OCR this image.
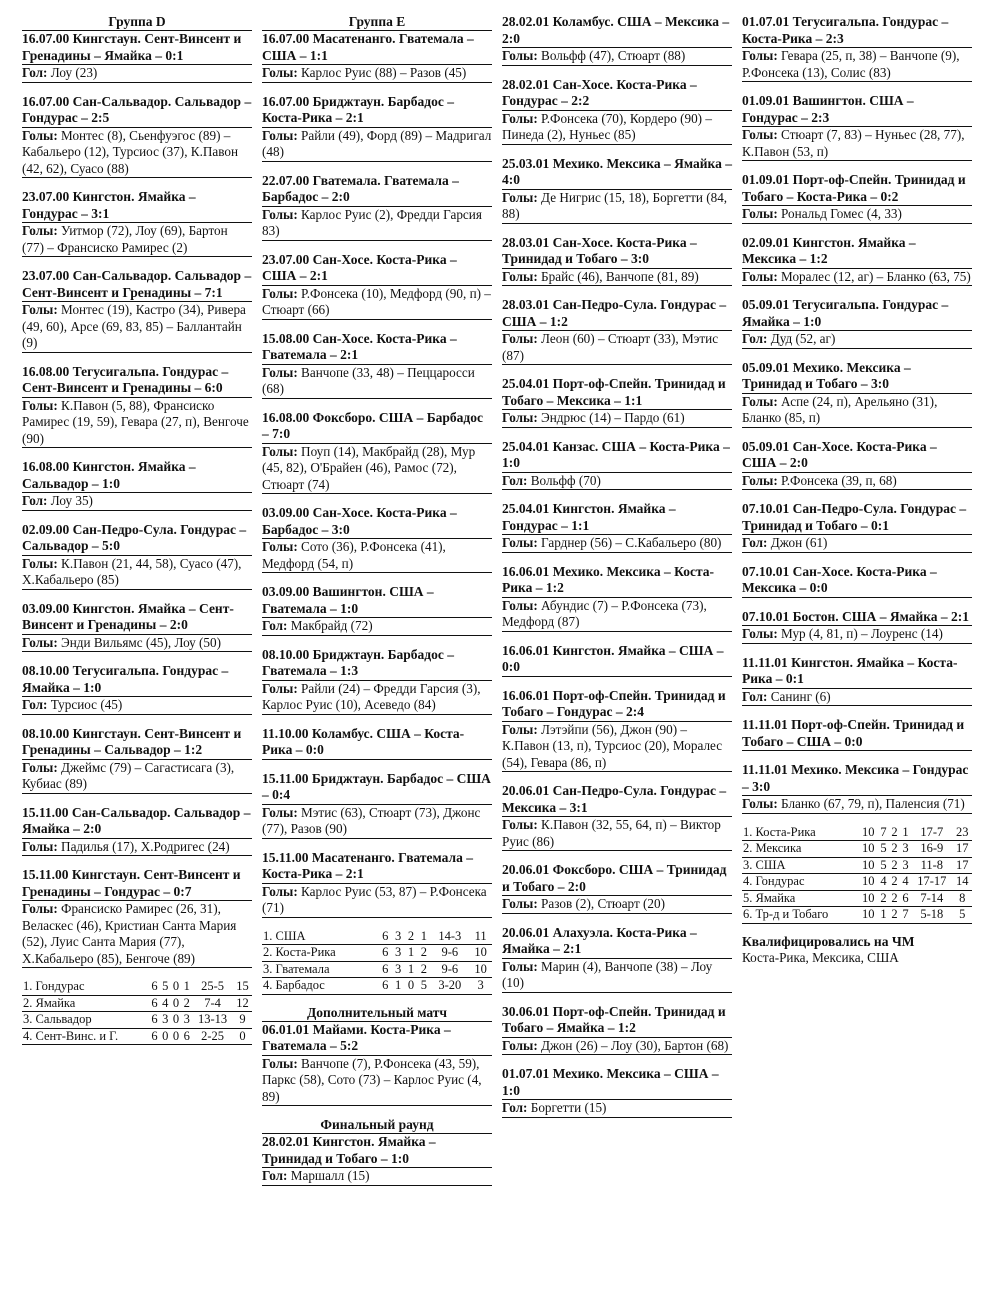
Группа D
16.07.00 Кингстаун. Сент-Винсент и Гренадины – Ямайка – 0:1
Гол: Лоу (23)
16.07.00 Сан-Сальвадор. Сальвадор – Гондурас – 2:5
Голы: Монтес (8), Сьенфуэгос (89) – Кабальеро (12), Турсиос (37), К.Павон (42, 62), Суасо (88)
23.07.00 Кингстон. Ямайка – Гондурас – 3:1
Голы: Уитмор (72), Лоу (69), Бартон (77) – Франсиско Рамирес (2)
23.07.00 Сан-Сальвадор. Сальвадор – Сент-Винсент и Гренадины – 7:1
Голы: Монтес (19), Кастро (34), Ривера (49, 60), Арсе (69, 83, 85) – Баллантайн (9)
16.08.00 Тегусигальпа. Гондурас – Сент-Винсент и Гренадины – 6:0
Голы: К.Павон (5, 88), Франсиско Рамирес (19, 59), Гевара (27, п), Венгоче (90)
16.08.00 Кингстон. Ямайка – Сальвадор – 1:0
Гол: Лоу 35)
02.09.00 Сан-Педро-Сула. Гондурас – Сальвадор – 5:0
Голы: К.Павон (21, 44, 58), Суасо (47), Х.Кабальеро (85)
03.09.00 Кингстон. Ямайка – Сент-Винсент и Гренадины – 2:0
Голы: Энди Вильямс (45), Лоу (50)
08.10.00 Тегусигальпа. Гондурас – Ямайка – 1:0
Гол: Турсиос (45)
08.10.00 Кингстаун. Сент-Винсент и Гренадины – Сальвадор – 1:2
Голы: Джеймс (79) – Сагастисага (3), Кубиас (89)
15.11.00 Сан-Сальвадор. Сальвадор – Ямайка – 2:0
Голы: Падилья (17), Х.Родригес (24)
15.11.00 Кингстаун. Сент-Винсент и Гренадины – Гондурас – 0:7
Голы: Франсиско Рамирес (26, 31), Веласкес (46), Кристиан Санта Мария (52), Луис Санта Мария (77), Х.Кабальеро (85), Бенгоче (89)
1. Гондурас	6	5	0	1	25-5	15
2. Ямайка	6	4	0	2	7-4	12
3. Сальвадор	6	3	0	3	13-13	9
4. Сент-Винс. и Г.	6	0	0	6	2-25	0
Группа Е
16.07.00 Масатенанго. Гватемала – США – 1:1
Голы: Карлос Руис (88) – Разов (45)
16.07.00 Бриджтаун. Барбадос – Коста-Рика – 2:1
Голы: Райли (49), Форд (89) – Мадригал (48)
22.07.00 Гватемала. Гватемала – Барбадос – 2:0
Голы: Карлос Руис (2), Фредди Гарсия 83)
23.07.00 Сан-Хосе. Коста-Рика – США – 2:1
Голы: Р.Фонсека (10), Медфорд (90, п) – Стюарт (66)
15.08.00 Сан-Хосе. Коста-Рика – Гватемала – 2:1
Голы: Ванчопе (33, 48) – Пеццаросси (68)
16.08.00 Фоксборо. США – Барбадос – 7:0
Голы: Поуп (14), Макбрайд (28), Мур (45, 82), О'Брайен (46), Рамос (72), Стюарт (74)
03.09.00 Сан-Хосе. Коста-Рика – Барбадос – 3:0
Голы: Сото (36), Р.Фонсека (41), Медфорд (54, п)
03.09.00 Вашингтон. США – Гватемала – 1:0
Гол: Макбрайд (72)
08.10.00 Бриджтаун. Барбадос – Гватемала – 1:3
Голы: Райли (24) – Фредди Гарсия (3), Карлос Руис (10), Асеведо (84)
11.10.00 Коламбус. США – Коста-Рика – 0:0
15.11.00 Бриджтаун. Барбадос – США – 0:4
Голы: Мэтис (63), Стюарт (73), Джонс (77), Разов (90)
15.11.00 Масатенанго. Гватемала – Коста-Рика – 2:1
Голы: Карлос Руис (53, 87) – Р.Фонсека (71)
1. США	6	3	2	1	14-3	11
2. Коста-Рика	6	3	1	2	9-6	10
3. Гватемала	6	3	1	2	9-6	10
4. Барбадос	6	1	0	5	3-20	3
Дополнительный матч
06.01.01 Майами. Коста-Рика – Гватемала – 5:2
Голы: Ванчопе (7), Р.Фонсека (43, 59), Паркс (58), Сото (73) – Карлос Руис (4, 89)
Финальный раунд
28.02.01 Кингстон. Ямайка – Тринидад и Тобаго – 1:0
Гол: Маршалл (15)
28.02.01 Коламбус. США – Мексика – 2:0
Голы: Вольфф (47), Стюарт (88)
28.02.01 Сан-Хосе. Коста-Рика – Гондурас – 2:2
Голы: Р.Фонсека (70), Кордеро (90) – Пинеда (2), Нуньес (85)
25.03.01 Мехико. Мексика – Ямайка – 4:0
Голы: Де Нигрис (15, 18), Боргетти (84, 88)
28.03.01 Сан-Хосе. Коста-Рика – Тринидад и Тобаго – 3:0
Голы: Брайс (46), Ванчопе (81, 89)
28.03.01 Сан-Педро-Сула. Гондурас – США – 1:2
Голы: Леон (60) – Стюарт (33), Мэтис (87)
25.04.01 Порт-оф-Спейн. Тринидад и Тобаго – Мексика – 1:1
Голы: Эндрюс (14) – Пардо (61)
25.04.01 Канзас. США – Коста-Рика – 1:0
Гол: Вольфф (70)
25.04.01 Кингстон. Ямайка – Гондурас – 1:1
Голы: Гарднер (56) – С.Кабальеро (80)
16.06.01 Мехико. Мексика – Коста-Рика – 1:2
Голы: Абундис (7) – Р.Фонсека (73), Медфорд (87)
16.06.01 Кингстон. Ямайка – США – 0:0
16.06.01 Порт-оф-Спейн. Тринидад и Тобаго – Гондурас – 2:4
Голы: Лэтэйпи (56), Джон (90) – К.Павон (13, п), Турсиос (20), Моралес (54), Гевара (86, п)
20.06.01 Сан-Педро-Сула. Гондурас – Мексика – 3:1
Голы: К.Павон (32, 55, 64, п) – Виктор Руис (86)
20.06.01 Фоксборо. США – Тринидад и Тобаго – 2:0
Голы: Разов (2), Стюарт (20)
20.06.01 Алахуэла. Коста-Рика – Ямайка – 2:1
Голы: Марин (4), Ванчопе (38) – Лоу (10)
30.06.01 Порт-оф-Спейн. Тринидад и Тобаго – Ямайка – 1:2
Голы: Джон (26) – Лоу (30), Бартон (68)
01.07.01 Мехико. Мексика – США – 1:0
Гол: Боргетти (15)
01.07.01 Тегусигальпа. Гондурас – Коста-Рика – 2:3
Голы: Гевара (25, п, 38) – Ванчопе (9), Р.Фонсека (13), Солис (83)
01.09.01 Вашингтон. США – Гондурас – 2:3
Голы: Стюарт (7, 83) – Нуньес (28, 77), К.Павон (53, п)
01.09.01 Порт-оф-Спейн. Тринидад и Тобаго – Коста-Рика – 0:2
Голы: Рональд Гомес (4, 33)
02.09.01 Кингстон. Ямайка – Мексика – 1:2
Голы: Моралес (12, аг) – Бланко (63, 75)
05.09.01 Тегусигальпа. Гондурас – Ямайка – 1:0
Гол: Дуд (52, аг)
05.09.01 Мехико. Мексика – Тринидад и Тобаго – 3:0
Голы: Аспе (24, п), Арельяно (31), Бланко (85, п)
05.09.01 Сан-Хосе. Коста-Рика – США – 2:0
Голы: Р.Фонсека (39, п, 68)
07.10.01 Сан-Педро-Сула. Гондурас – Тринидад и Тобаго – 0:1
Гол: Джон (61)
07.10.01 Сан-Хосе. Коста-Рика – Мексика – 0:0
07.10.01 Бостон. США – Ямайка – 2:1
Голы: Мур (4, 81, п) – Лоуренс (14)
11.11.01 Кингстон. Ямайка – Коста-Рика – 0:1
Гол: Санинг (6)
11.11.01 Порт-оф-Спейн. Тринидад и Тобаго – США – 0:0
11.11.01 Мехико. Мексика – Гондурас – 3:0
Голы: Бланко (67, 79, п), Паленсия (71)
1. Коста-Рика	10	7	2	1	17-7	23
2. Мексика	10	5	2	3	16-9	17
3. США	10	5	2	3	11-8	17
4. Гондурас	10	4	2	4	17-17	14
5. Ямайка	10	2	2	6	7-14	8
6. Тр-д и Тобаго	10	1	2	7	5-18	5
Квалифицировались на ЧМ
Коста-Рика, Мексика, США
